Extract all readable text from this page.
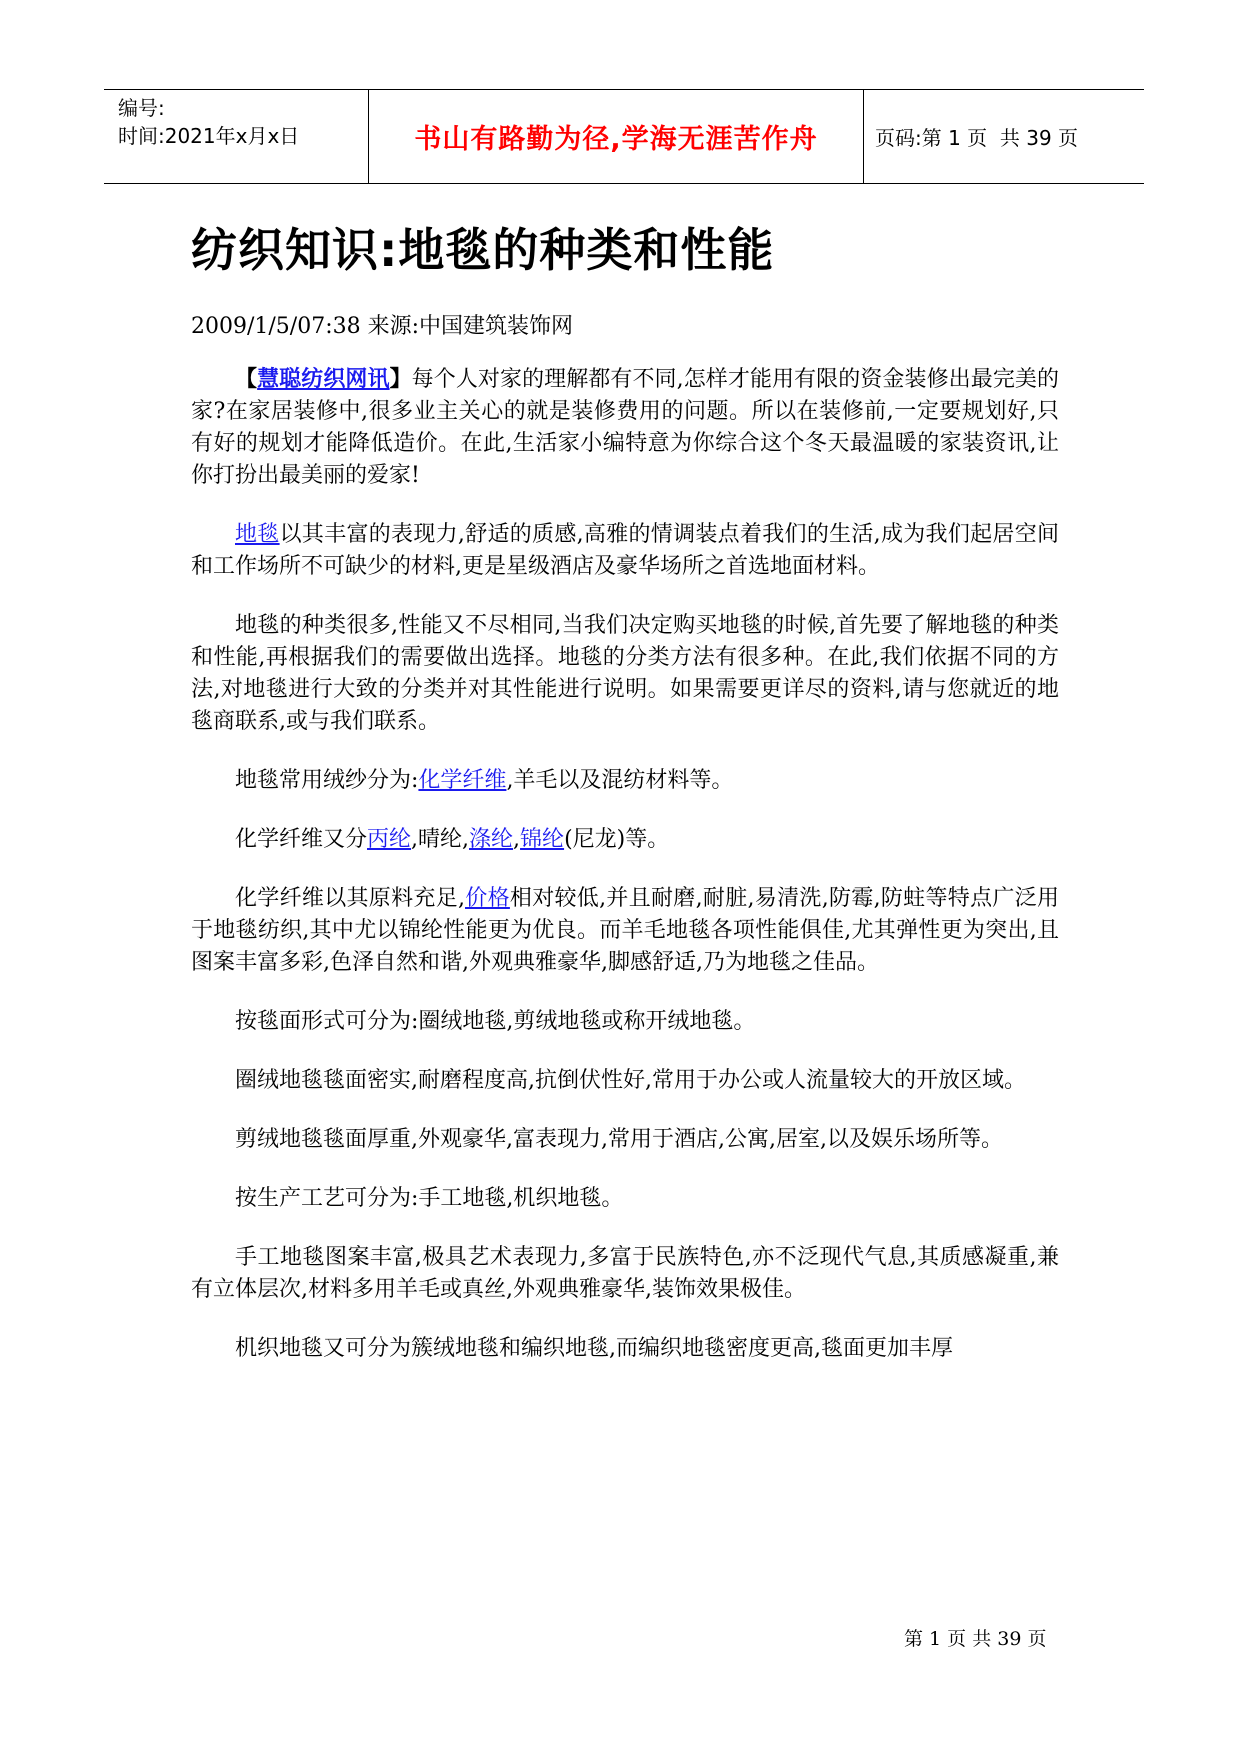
编号:
时间:2021年x月x日	书山有路勤为径,学海无涯苦作舟	页码:第 1 页  共 39 页
纺织知识:地毯的种类和性能
2009/1/5/07:38 来源:中国建筑装饰网

【慧聪纺织网讯】每个人对家的理解都有不同,怎样才能用有限的资金装修出最完美的家?在家居装修中,很多业主关心的就是装修费用的问题。所以在装修前,一定要规划好,只有好的规划才能降低造价。在此,生活家小编特意为你综合这个冬天最温暖的家装资讯,让你打扮出最美丽的爱家!

地毯以其丰富的表现力,舒适的质感,高雅的情调装点着我们的生活,成为我们起居空间和工作场所不可缺少的材料,更是星级酒店及豪华场所之首选地面材料。

地毯的种类很多,性能又不尽相同,当我们决定购买地毯的时候,首先要了解地毯的种类和性能,再根据我们的需要做出选择。地毯的分类方法有很多种。在此,我们依据不同的方法,对地毯进行大致的分类并对其性能进行说明。如果需要更详尽的资料,请与您就近的地毯商联系,或与我们联系。

地毯常用绒纱分为:化学纤维,羊毛以及混纺材料等。

化学纤维又分丙纶,晴纶,涤纶,锦纶(尼龙)等。

化学纤维以其原料充足,价格相对较低,并且耐磨,耐脏,易清洗,防霉,防蛀等特点广泛用于地毯纺织,其中尤以锦纶性能更为优良。而羊毛地毯各项性能俱佳,尤其弹性更为突出,且图案丰富多彩,色泽自然和谐,外观典雅豪华,脚感舒适,乃为地毯之佳品。

按毯面形式可分为:圈绒地毯,剪绒地毯或称开绒地毯。

圈绒地毯毯面密实,耐磨程度高,抗倒伏性好,常用于办公或人流量较大的开放区域。

剪绒地毯毯面厚重,外观豪华,富表现力,常用于酒店,公寓,居室,以及娱乐场所等。

按生产工艺可分为:手工地毯,机织地毯。

手工地毯图案丰富,极具艺术表现力,多富于民族特色,亦不泛现代气息,其质感凝重,兼有立体层次,材料多用羊毛或真丝,外观典雅豪华,装饰效果极佳。

机织地毯又可分为簇绒地毯和编织地毯,而编织地毯密度更高,毯面更加丰厚

第 1 页 共 39 页
